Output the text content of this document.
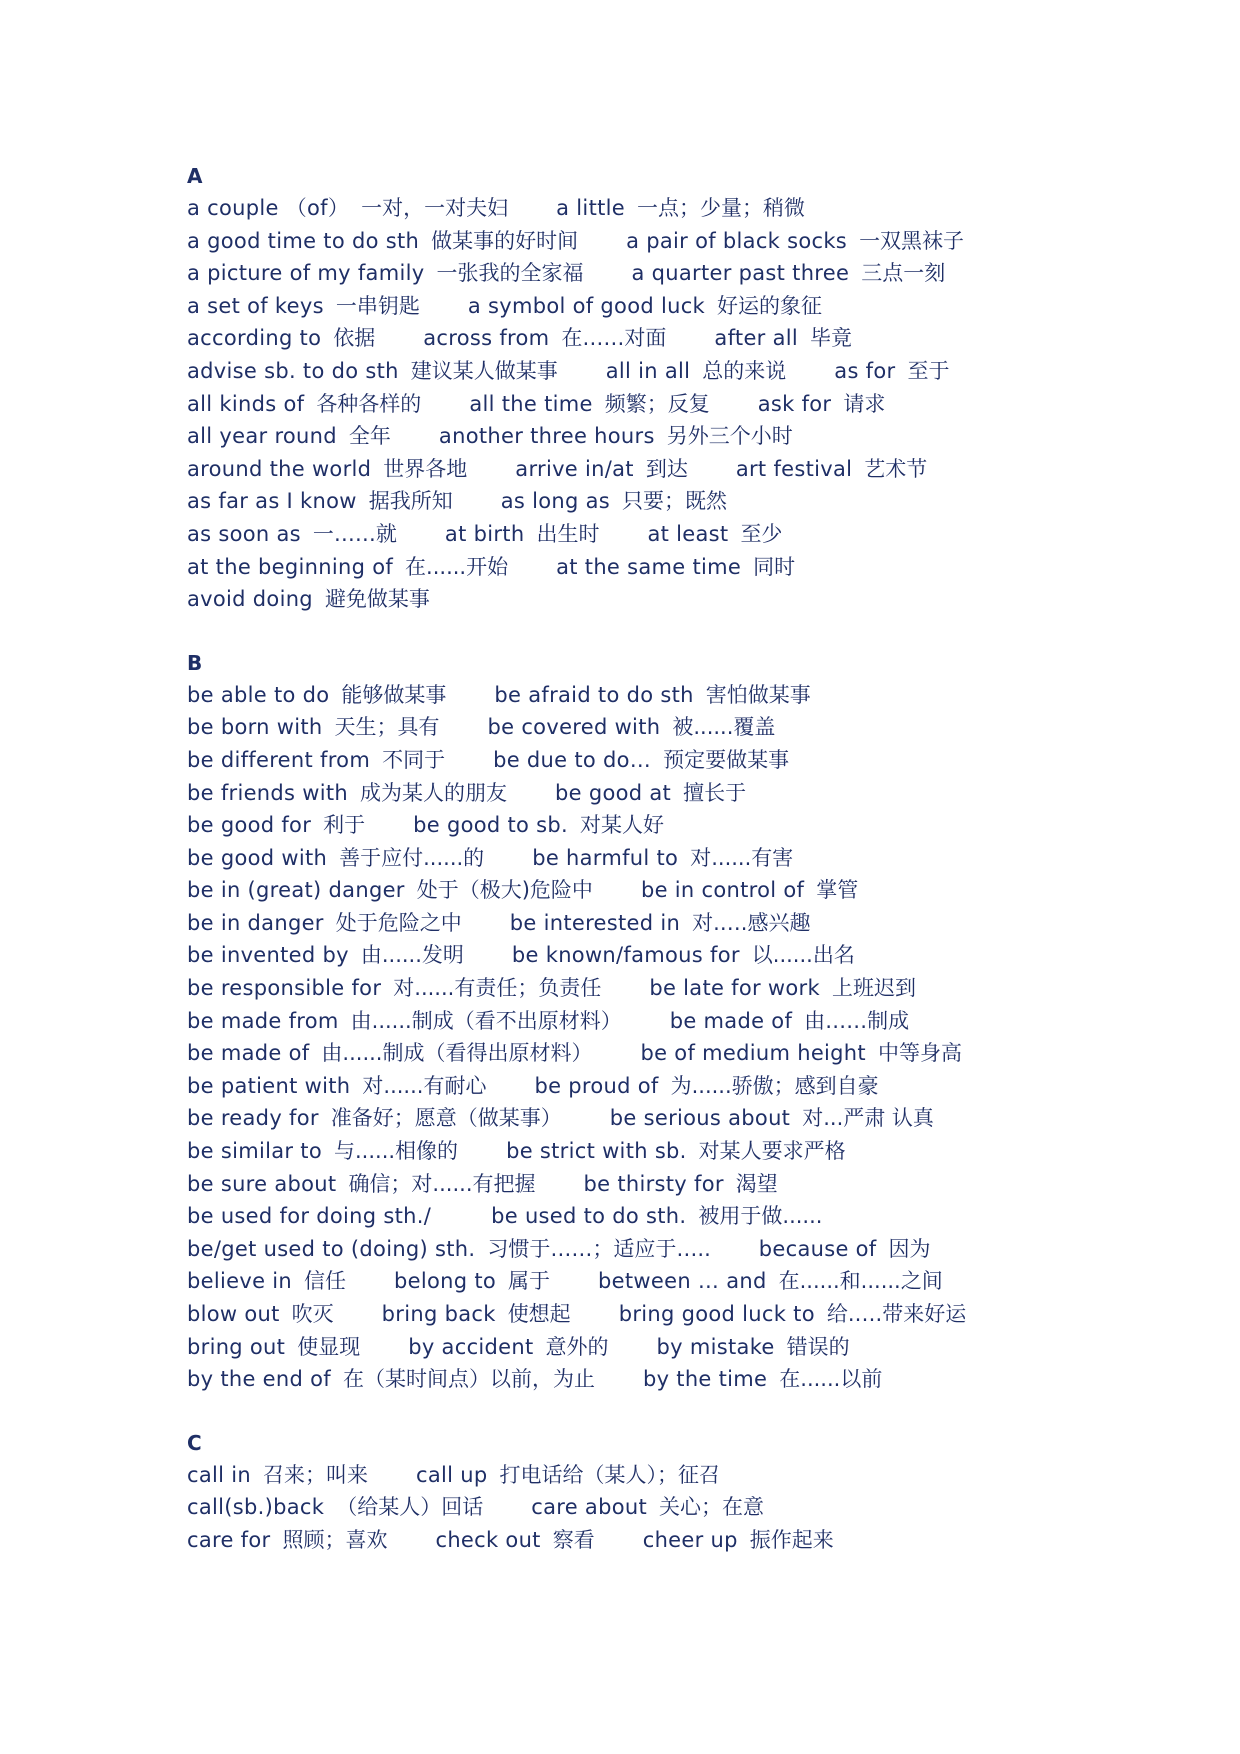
A
a couple （of） 一对，一对夫妇 a little 一点；少量；稍微
a good time to do sth 做某事的好时间 a pair of black socks 一双黑袜子
a picture of my family 一张我的全家福 a quarter past three 三点一刻
a set of keys 一串钥匙 a symbol of good luck 好运的象征
according to 依据 across from 在……对面 after all 毕竟
advise sb. to do sth 建议某人做某事 all in all 总的来说 as for 至于
all kinds of 各种各样的 all the time 频繁；反复 ask for 请求
all year round 全年 another three hours 另外三个小时
around the world 世界各地 arrive in/at 到达 art festival 艺术节
as far as I know 据我所知 as long as 只要；既然
as soon as 一……就 at birth 出生时 at least 至少
at the beginning of 在......开始 at the same time 同时
avoid doing 避免做某事
B
be able to do 能够做某事 be afraid to do sth 害怕做某事
be born with 天生；具有 be covered with 被......覆盖
be different from 不同于 be due to do… 预定要做某事
be friends with 成为某人的朋友 be good at 擅长于
be good for 利于 be good to sb. 对某人好
be good with 善于应付......的 be harmful to 对......有害
be in (great) danger 处于（极大)危险中 be in control of 掌管
be in danger 处于危险之中 be interested in 对.….感兴趣
be invented by 由......发明 be known/famous for 以......出名
be responsible for 对......有责任；负责任 be late for work 上班迟到
be made from 由......制成（看不出原材料） be made of 由……制成
be made of 由......制成（看得出原材料） be of medium height 中等身高
be patient with 对......有耐心 be proud of 为......骄傲；感到自豪
be ready for 准备好；愿意（做某事） be serious about 对...严肃 认真
be similar to 与......相像的 be strict with sb. 对某人要求严格
be sure about 确信；对......有把握 be thirsty for 渴望
be used for doing sth./	be used to do sth. 被用于做......
be/get used to (doing) sth. 习惯于……；适应于….. because of 因为
believe in 信任 belong to 属于 between … and 在......和......之间
blow out 吹灭 bring back 使想起 bring good luck to 给.….带来好运
bring out 使显现 by accident 意外的 by mistake 错误的
by the end of 在（某时间点）以前，为止 by the time 在......以前
C
call in 召来；叫来 call up 打电话给（某人）；征召
call(sb.)back （给某人）回话 care about 关心；在意
care for 照顾；喜欢 check out 察看 cheer up 振作起来
